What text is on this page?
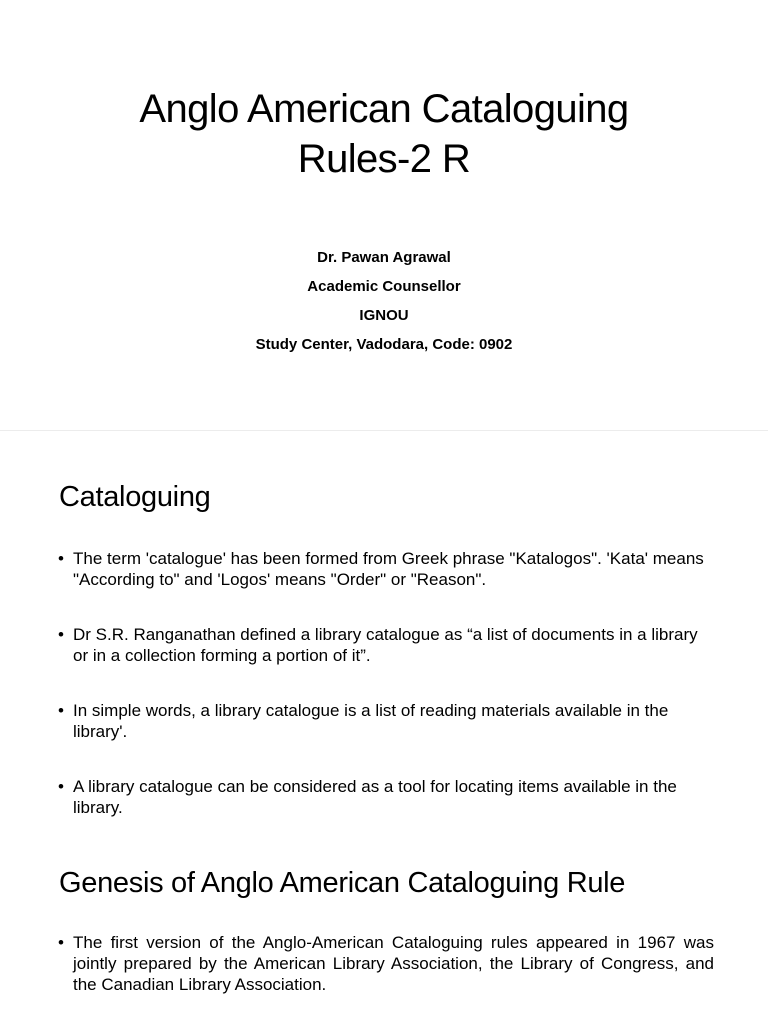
Anglo American Cataloguing
Rules-2 R
Dr. Pawan Agrawal
Academic Counsellor
IGNOU
Study Center, Vadodara, Code: 0902
Cataloguing
• The term 'catalogue' has been formed from Greek phrase "Katalogos". 'Kata' means "According to" and 'Logos' means "Order" or "Reason".
• Dr S.R. Ranganathan defined a library catalogue as “a list of documents in a library or in a collection forming a portion of it”.
• In simple words, a library catalogue is a list of reading materials available in the library'.
• A library catalogue can be considered as a tool for locating items available in the library.
Genesis of Anglo American Cataloguing Rule
• The first version of the Anglo-American Cataloguing rules appeared in 1967 was jointly prepared by the American Library Association, the Library of Congress, and the Canadian Library Association.
